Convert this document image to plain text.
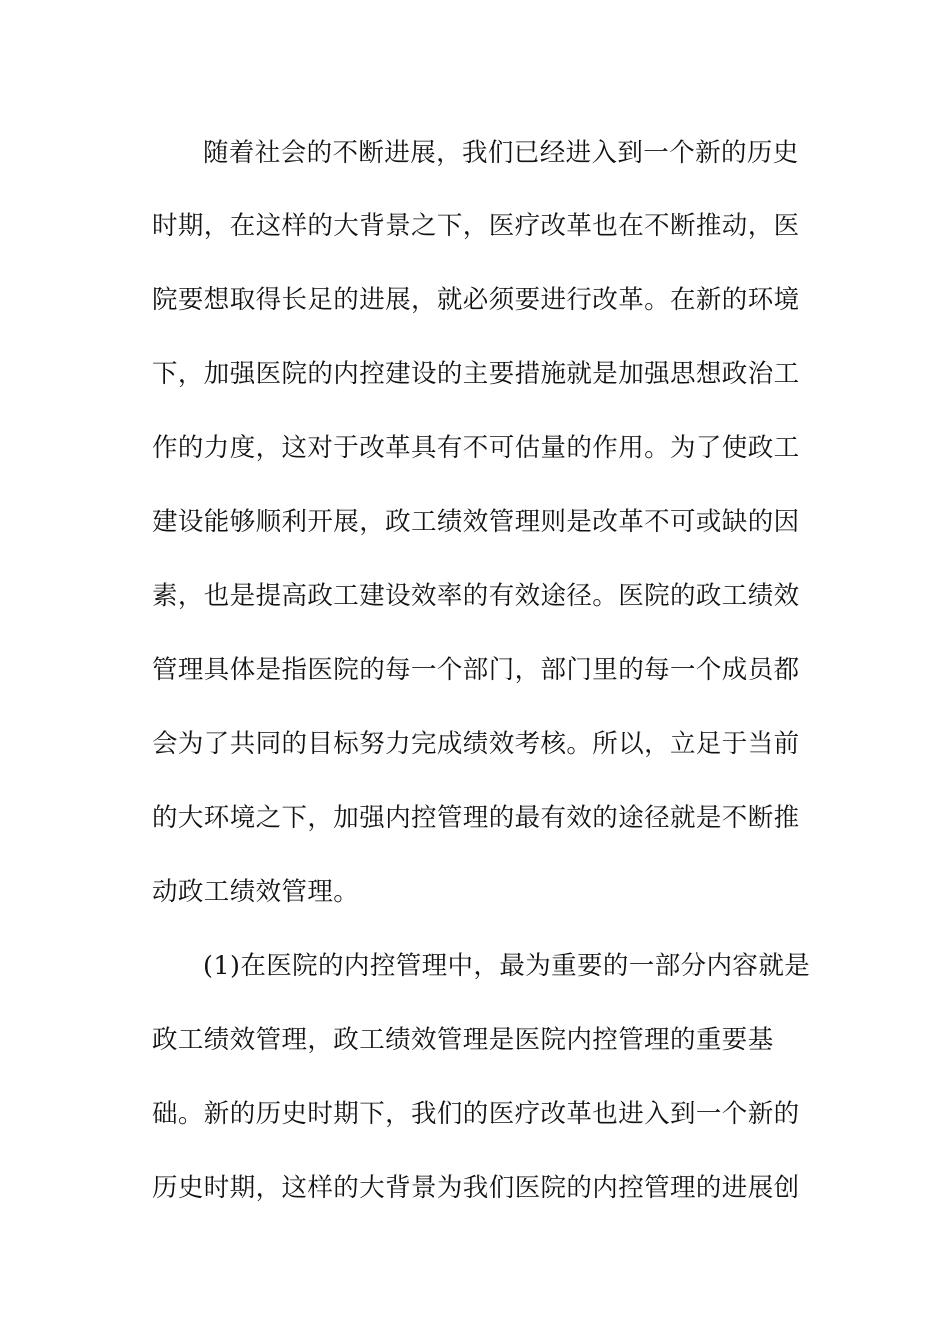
随着社会的不断进展，我们已经进入到一个新的历史
时期，在这样的大背景之下，医疗改革也在不断推动，医
院要想取得长足的进展，就必须要进行改革。在新的环境
下，加强医院的内控建设的主要措施就是加强思想政治工
作的力度，这对于改革具有不可估量的作用。为了使政工
建设能够顺利开展，政工绩效管理则是改革不可或缺的因
素，也是提高政工建设效率的有效途径。医院的政工绩效
管理具体是指医院的每一个部门，部门里的每一个成员都
会为了共同的目标努力完成绩效考核。所以，立足于当前
的大环境之下，加强内控管理的最有效的途径就是不断推
动政工绩效管理。
(1)在医院的内控管理中，最为重要的一部分内容就是
政工绩效管理，政工绩效管理是医院内控管理的重要基
础。新的历史时期下，我们的医疗改革也进入到一个新的
历史时期，这样的大背景为我们医院的内控管理的进展创
